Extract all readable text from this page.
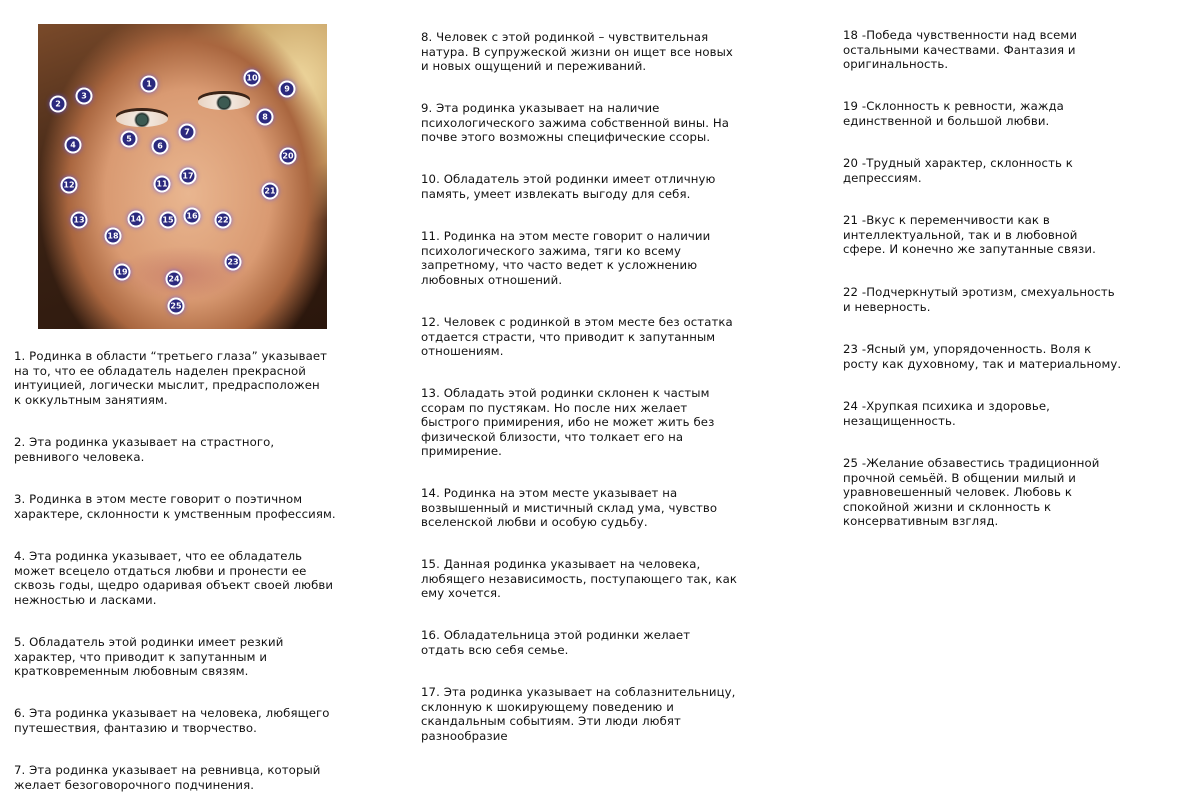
1
2
3
4
5
6
7
8
9
10
11
12
13	14	15	16
17
18
19
20
21
22
23
24
25
1. Родинка в области “третьего глаза” указывает
на то, что ее обладатель наделен прекрасной
интуицией, логически мыслит, предрасположен
к оккультным занятиям.
2. Эта родинка указывает на страстного,
ревнивого человека.
3. Родинка в этом месте говорит о поэтичном
характере, склонности к умственным профессиям.
4. Эта родинка указывает, что ее обладатель
может всецело отдаться любви и пронести ее
сквозь годы, щедро одаривая объект своей любви
нежностью и ласками.
5. Обладатель этой родинки имеет резкий
характер, что приводит к запутанным и
кратковременным любовным связям.
6. Эта родинка указывает на человека, любящего
путешествия, фантазию и творчество.
7. Эта родинка указывает на ревнивца, который
желает безоговорочного подчинения.
8. Человек с этой родинкой – чувствительная
натура. В супружеской жизни он ищет все новых
и новых ощущений и переживаний.
9. Эта родинка указывает на наличие
психологического зажима собственной вины. На
почве этого возможны специфические ссоры.
10. Обладатель этой родинки имеет отличную
память, умеет извлекать выгоду для себя.
11. Родинка на этом месте говорит о наличии
психологического зажима, тяги ко всему
запретному, что часто ведет к усложнению
любовных отношений.
12. Человек с родинкой в этом месте без остатка
отдается страсти, что приводит к запутанным
отношениям.
13. Обладать этой родинки склонен к частым
ссорам по пустякам. Но после них желает
быстрого примирения, ибо не может жить без
физической близости, что толкает его на
примирение.
14. Родинка на этом месте указывает на
возвышенный и мистичный склад ума, чувство
вселенской любви и особую судьбу.
15. Данная родинка указывает на человека,
любящего независимость, поступающего так, как
ему хочется.
16. Обладательница этой родинки желает
отдать всю себя семье.
17. Эта родинка указывает на соблазнительницу,
склонную к шокирующему поведению и
скандальным событиям. Эти люди любят
разнообразие
18 -Победа чувственности над всеми
остальными качествами. Фантазия и
оригинальность.
19 -Склонность к ревности, жажда
единственной и большой любви.
20 -Трудный характер, склонность к
депрессиям.
21 -Вкус к переменчивости как в
интеллектуальной, так и в любовной
сфере. И конечно же запутанные связи.
22 -Подчеркнутый эротизм, смехуальность
и неверность.
23 -Ясный ум, упорядоченность. Воля к
росту как духовному, так и материальному.
24 -Хрупкая психика и здоровье,
незащищенность.
25 -Желание обзавестись традиционной
прочной семьёй. В общении милый и
уравновешенный человек. Любовь к
спокойной жизни и склонность к
консервативным взгляд.
